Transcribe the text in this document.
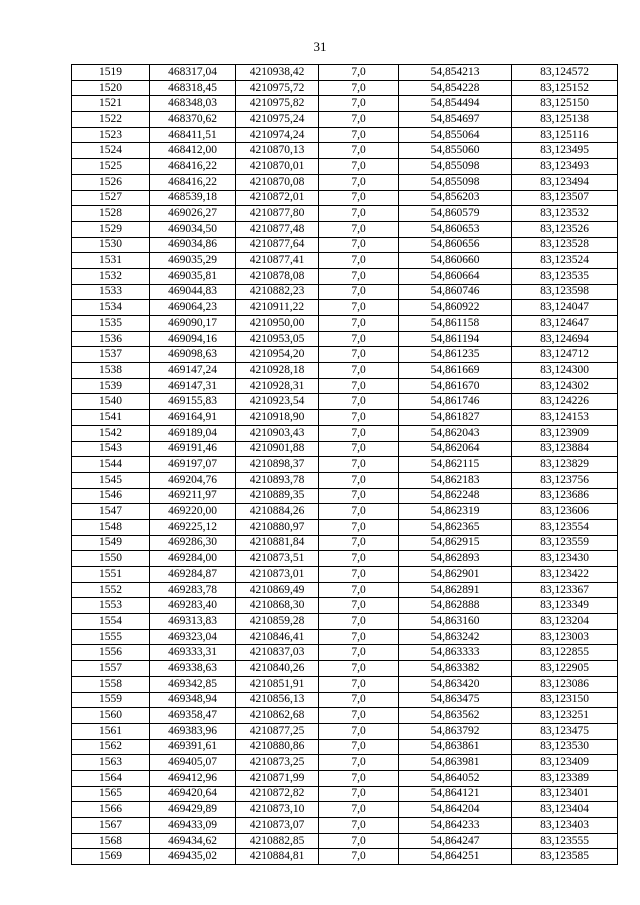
31
1519	468317,04	4210938,42	7,0	54,854213	83,124572
1520	468318,45	4210975,72	7,0	54,854228	83,125152
1521	468348,03	4210975,82	7,0	54,854494	83,125150
1522	468370,62	4210975,24	7,0	54,854697	83,125138
1523	468411,51	4210974,24	7,0	54,855064	83,125116
1524	468412,00	4210870,13	7,0	54,855060	83,123495
1525	468416,22	4210870,01	7,0	54,855098	83,123493
1526	468416,22	4210870,08	7,0	54,855098	83,123494
1527	468539,18	4210872,01	7,0	54,856203	83,123507
1528	469026,27	4210877,80	7,0	54,860579	83,123532
1529	469034,50	4210877,48	7,0	54,860653	83,123526
1530	469034,86	4210877,64	7,0	54,860656	83,123528
1531	469035,29	4210877,41	7,0	54,860660	83,123524
1532	469035,81	4210878,08	7,0	54,860664	83,123535
1533	469044,83	4210882,23	7,0	54,860746	83,123598
1534	469064,23	4210911,22	7,0	54,860922	83,124047
1535	469090,17	4210950,00	7,0	54,861158	83,124647
1536	469094,16	4210953,05	7,0	54,861194	83,124694
1537	469098,63	4210954,20	7,0	54,861235	83,124712
1538	469147,24	4210928,18	7,0	54,861669	83,124300
1539	469147,31	4210928,31	7,0	54,861670	83,124302
1540	469155,83	4210923,54	7,0	54,861746	83,124226
1541	469164,91	4210918,90	7,0	54,861827	83,124153
1542	469189,04	4210903,43	7,0	54,862043	83,123909
1543	469191,46	4210901,88	7,0	54,862064	83,123884
1544	469197,07	4210898,37	7,0	54,862115	83,123829
1545	469204,76	4210893,78	7,0	54,862183	83,123756
1546	469211,97	4210889,35	7,0	54,862248	83,123686
1547	469220,00	4210884,26	7,0	54,862319	83,123606
1548	469225,12	4210880,97	7,0	54,862365	83,123554
1549	469286,30	4210881,84	7,0	54,862915	83,123559
1550	469284,00	4210873,51	7,0	54,862893	83,123430
1551	469284,87	4210873,01	7,0	54,862901	83,123422
1552	469283,78	4210869,49	7,0	54,862891	83,123367
1553	469283,40	4210868,30	7,0	54,862888	83,123349
1554	469313,83	4210859,28	7,0	54,863160	83,123204
1555	469323,04	4210846,41	7,0	54,863242	83,123003
1556	469333,31	4210837,03	7,0	54,863333	83,122855
1557	469338,63	4210840,26	7,0	54,863382	83,122905
1558	469342,85	4210851,91	7,0	54,863420	83,123086
1559	469348,94	4210856,13	7,0	54,863475	83,123150
1560	469358,47	4210862,68	7,0	54,863562	83,123251
1561	469383,96	4210877,25	7,0	54,863792	83,123475
1562	469391,61	4210880,86	7,0	54,863861	83,123530
1563	469405,07	4210873,25	7,0	54,863981	83,123409
1564	469412,96	4210871,99	7,0	54,864052	83,123389
1565	469420,64	4210872,82	7,0	54,864121	83,123401
1566	469429,89	4210873,10	7,0	54,864204	83,123404
1567	469433,09	4210873,07	7,0	54,864233	83,123403
1568	469434,62	4210882,85	7,0	54,864247	83,123555
1569	469435,02	4210884,81	7,0	54,864251	83,123585
